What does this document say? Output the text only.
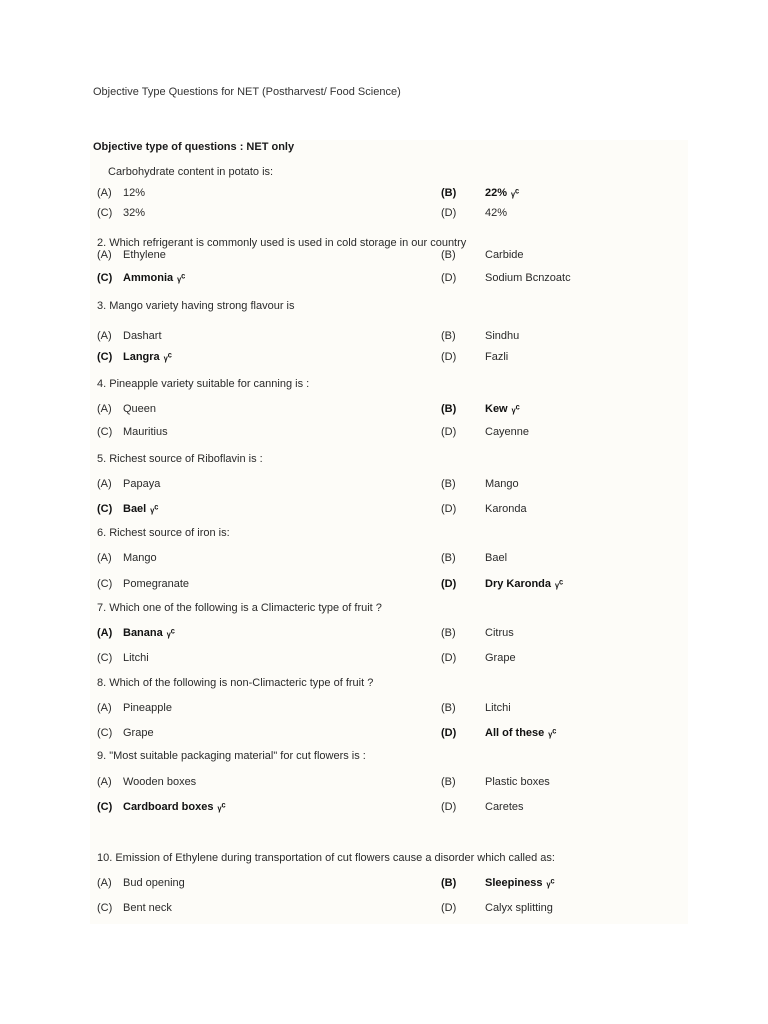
Objective Type Questions for NET (Postharvest/ Food Science)
Objective type of questions : NET only
Carbohydrate content in potato is:
(A) 12%	(B)	22% ᵧᶜ
(C) 32%	(D)	42%
2. Which refrigerant is commonly used is used in cold storage in our country
(A) Ethylene	(B)	Carbide
(C) Ammonia ᵧᶜ	(D)	Sodium Bcnzoatc
3. Mango variety having strong flavour is
(A) Dashart	(B)	Sindhu
(C) Langra ᵧᶜ	(D)	Fazli
4. Pineapple variety suitable for canning is :
(A) Queen	(B)	Kew ᵧᶜ
(C) Mauritius	(D)	Cayenne
5. Richest source of Riboflavin is :
(A) Papaya	(B)	Mango
(C) Bael ᵧᶜ	(D)	Karonda
6. Richest source of iron is:
(A) Mango	(B)	Bael
(C) Pomegranate	(D)	Dry Karonda ᵧᶜ
7. Which one of the following is a Climacteric type of fruit ?
(A) Banana ᵧᶜ	(B)	Citrus
(C) Litchi	(D)	Grape
8. Which of the following is non-Climacteric type of fruit ?
(A) Pineapple	(B)	Litchi
(C) Grape	(D)	All of these ᵧᶜ
9. "Most suitable packaging material" for cut flowers is :
(A) Wooden boxes	(B)	Plastic boxes
(C) Cardboard boxes ᵧᶜ	(D)	Caretes
10. Emission of Ethylene during transportation of cut flowers cause a disorder which called as:
(A) Bud opening	(B)	Sleepiness ᵧᶜ
(C) Bent neck	(D)	Calyx splitting
